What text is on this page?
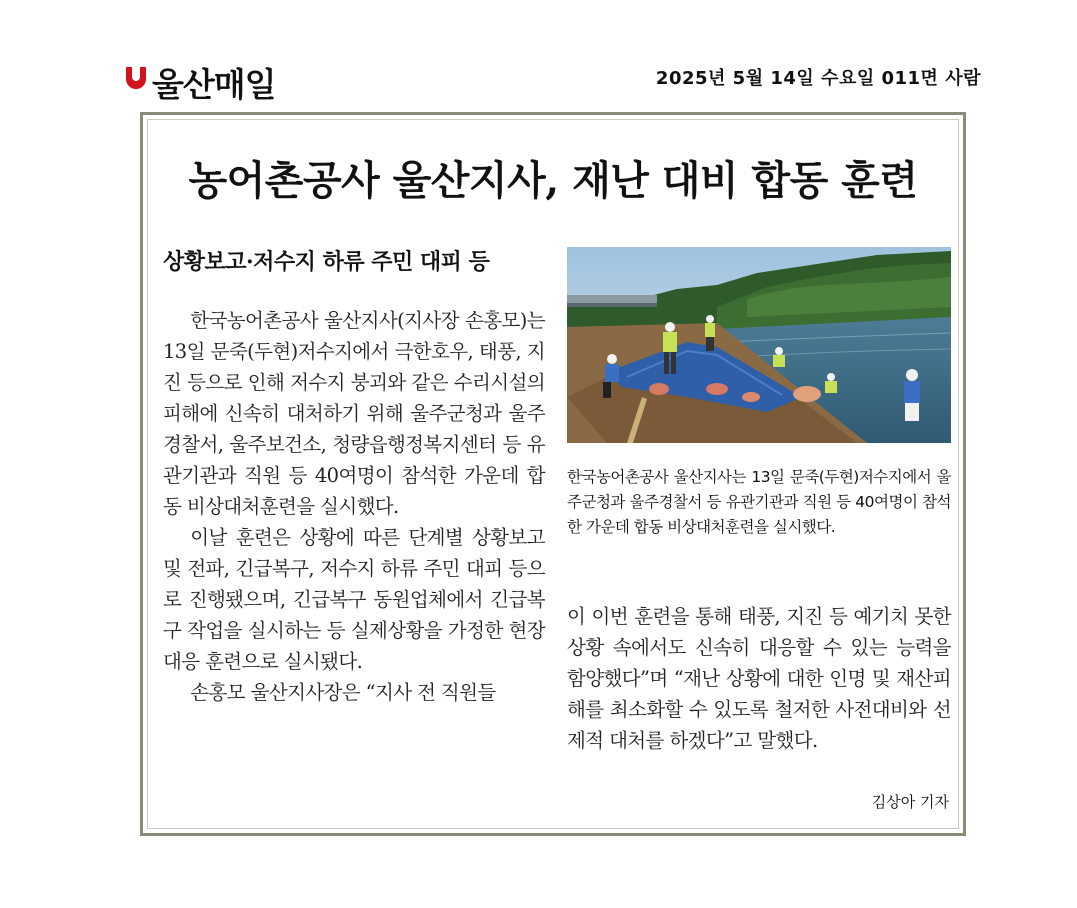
울산매일	2025년 5월 14일 수요일 011면 사람
농어촌공사 울산지사, 재난 대비 합동 훈련
상황보고·저수지 하류 주민 대피 등

한국농어촌공사 울산지사(지사장 손홍모)는 13일 문죽(두현)저수지에서 극한호우, 태풍, 지진 등으로 인해 저수지 붕괴와 같은 수리시설의 피해에 신속히 대처하기 위해 울주군청과 울주경찰서, 울주보건소, 청량읍행정복지센터 등 유관기관과 직원 등 40여명이 참석한 가운데 합동 비상대처훈련을 실시했다.

이날 훈련은 상황에 따른 단계별 상황보고 및 전파, 긴급복구, 저수지 하류 주민 대피 등으로 진행됐으며, 긴급복구 동원업체에서 긴급복구 작업을 실시하는 등 실제상황을 가정한 현장 대응 훈련으로 실시됐다.

손홍모 울산지사장은 “지사 전 직원들

한국농어촌공사 울산지사는 13일 문죽(두현)저수지에서 울주군청과 울주경찰서 등 유관기관과 직원 등 40여명이 참석한 가운데 합동 비상대처훈련을 실시했다.

이 이번 훈련을 통해 태풍, 지진 등 예기치 못한 상황 속에서도 신속히 대응할 수 있는 능력을 함양했다”며 “재난 상황에 대한 인명 및 재산피해를 최소화할 수 있도록 철저한 사전대비와 선제적 대처를 하겠다”고 말했다.

김상아 기자
